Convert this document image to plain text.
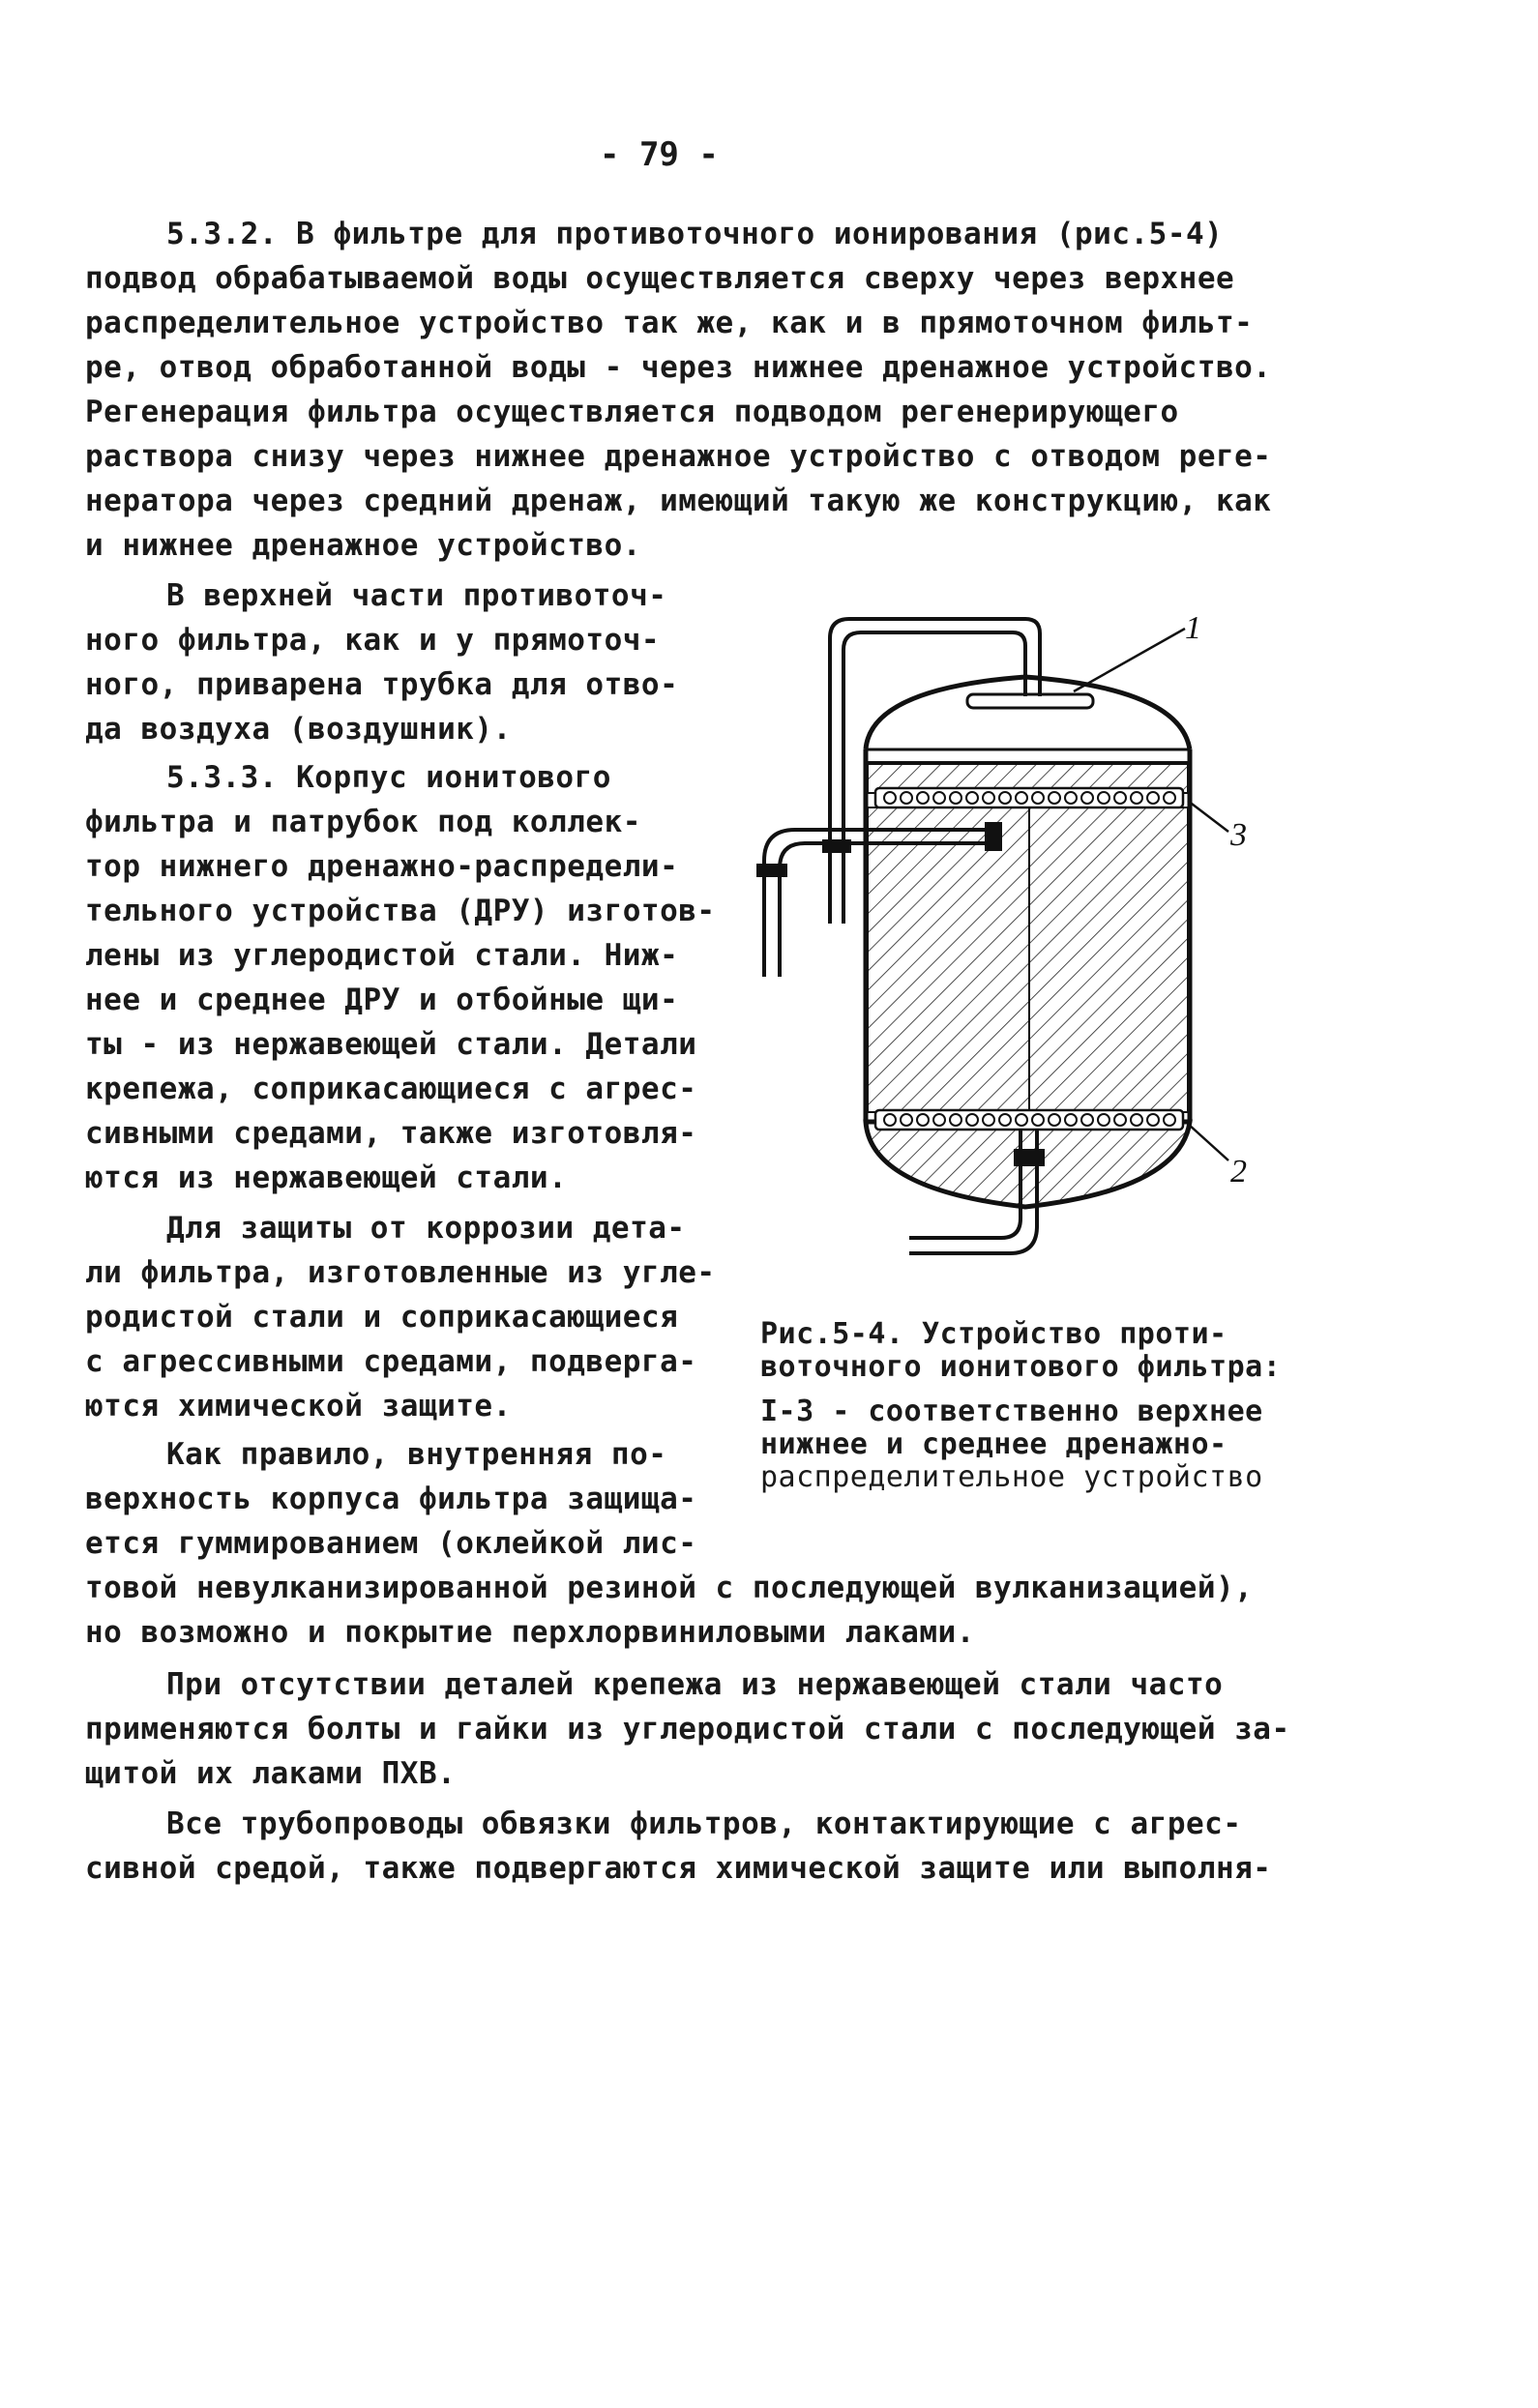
- 79 -
5.3.2. В фильтре для противоточного ионирования (рис.5-4)
подвод обрабатываемой воды осуществляется сверху через верхнее
распределительное устройство так же, как и в прямоточном фильт-
ре, отвод обработанной воды - через нижнее дренажное устройство.
Регенерация фильтра осуществляется подводом регенерирующего
раствора снизу через нижнее дренажное устройство с отводом реге-
нератора через средний дренаж, имеющий такую же конструкцию, как
и нижнее дренажное устройство.
В верхней части противоточ-
ного фильтра, как и у прямоточ-
ного, приварена трубка для отво-
да воздуха (воздушник).
5.3.3. Корпус ионитового
фильтра и патрубок под коллек-
тор нижнего дренажно-распредели-
тельного устройства (ДРУ) изготов-
лены из углеродистой стали. Ниж-
нее и среднее ДРУ и отбойные щи-
ты - из нержавеющей стали. Детали
крепежа, соприкасающиеся с агрес-
сивными средами, также изготовля-
ются из нержавеющей стали.
Для защиты от коррозии дета-
ли фильтра, изготовленные из угле-
родистой стали и соприкасающиеся
с агрессивными средами, подверга-
ются химической защите.
Как правило, внутренняя по-
верхность корпуса фильтра защища-
ется гуммированием (оклейкой лис-
товой невулканизированной резиной с последующей вулканизацией),
но возможно и покрытие перхлорвиниловыми лаками.
При отсутствии деталей крепежа из нержавеющей стали часто
применяются болты и гайки из углеродистой стали с последующей за-
щитой их лаками ПХВ.
Все трубопроводы обвязки фильтров, контактирующие с агрес-
сивной средой, также подвергаются химической защите или выполня-
1
3
2
Рис.5-4. Устройство проти-
воточного ионитового фильтра:
I-3 - соответственно верхнее
нижнее и среднее дренажно-
распределительное устройство
